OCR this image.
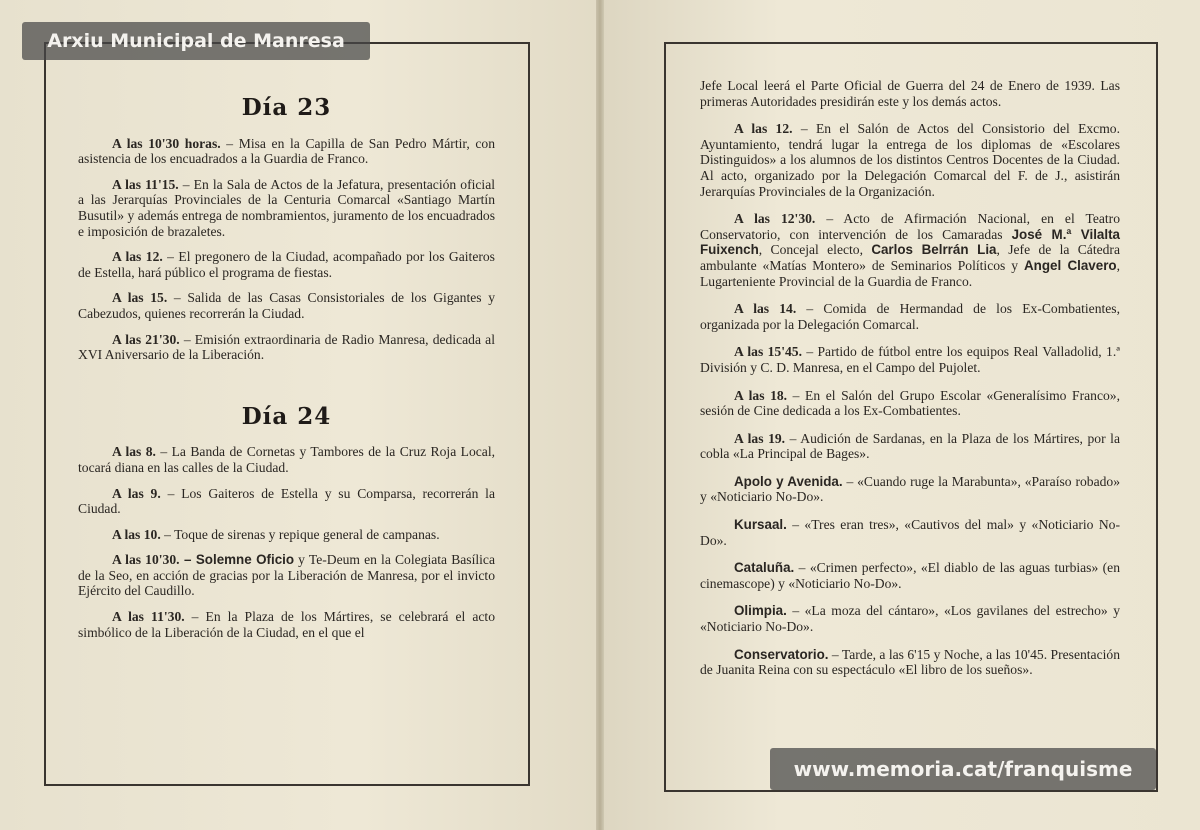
Día 23

A las 10'30 horas. – Misa en la Capilla de San Pedro Mártir, con asistencia de los encuadrados a la Guardia de Franco.

A las 11'15. – En la Sala de Actos de la Jefatura, presentación oficial a las Jerarquías Provinciales de la Centuria Comarcal «Santiago Martín Busutil» y además entrega de nombramientos, juramento de los encuadrados e imposición de brazaletes.

A las 12. – El pregonero de la Ciudad, acompañado por los Gaiteros de Estella, hará público el programa de fiestas.

A las 15. – Salida de las Casas Consistoriales de los Gigantes y Cabezudos, quienes recorrerán la Ciudad.

A las 21'30. – Emisión extraordinaria de Radio Manresa, dedicada al XVI Aniversario de la Liberación.

Día 24

A las 8. – La Banda de Cornetas y Tambores de la Cruz Roja Local, tocará diana en las calles de la Ciudad.

A las 9. – Los Gaiteros de Estella y su Comparsa, recorrerán la Ciudad.

A las 10. – Toque de sirenas y repique general de campanas.

A las 10'30. – Solemne Oficio y Te-Deum en la Colegiata Basílica de la Seo, en acción de gracias por la Liberación de Manresa, por el invicto Ejército del Caudillo.

A las 11'30. – En la Plaza de los Mártires, se celebrará el acto simbólico de la Liberación de la Ciudad, en el que el

Jefe Local leerá el Parte Oficial de Guerra del 24 de Enero de 1939. Las primeras Autoridades presidirán este y los demás actos.

A las 12. – En el Salón de Actos del Consistorio del Excmo. Ayuntamiento, tendrá lugar la entrega de los diplomas de «Escolares Distinguidos» a los alumnos de los distintos Centros Docentes de la Ciudad. Al acto, organizado por la Delegación Comarcal del F. de J., asistirán Jerarquías Provinciales de la Organización.

A las 12'30. – Acto de Afirmación Nacional, en el Teatro Conservatorio, con intervención de los Camaradas José M.ª Vilalta Fuixench, Concejal electo, Carlos Belrrán Lia, Jefe de la Cátedra ambulante «Matías Montero» de Seminarios Políticos y Angel Clavero, Lugarteniente Provincial de la Guardia de Franco.

A las 14. – Comida de Hermandad de los Ex-Combatientes, organizada por la Delegación Comarcal.

A las 15'45. – Partido de fútbol entre los equipos Real Valladolid, 1.ª División y C. D. Manresa, en el Campo del Pujolet.

A las 18. – En el Salón del Grupo Escolar «Generalísimo Franco», sesión de Cine dedicada a los Ex-Combatientes.

A las 19. – Audición de Sardanas, en la Plaza de los Mártires, por la cobla «La Principal de Bages».

Apolo y Avenida. – «Cuando ruge la Marabunta», «Paraíso robado» y «Noticiario No-Do».

Kursaal. – «Tres eran tres», «Cautivos del mal» y «Noticiario No-Do».

Cataluña. – «Crimen perfecto», «El diablo de las aguas turbias» (en cinemascope) y «Noticiario No-Do».

Olimpia. – «La moza del cántaro», «Los gavilanes del estrecho» y «Noticiario No-Do».

Conservatorio. – Tarde, a las 6'15 y Noche, a las 10'45. Presentación de Juanita Reina con su espectáculo «El libro de los sueños».

Arxiu Municipal de Manresa
www.memoria.cat/franquisme
